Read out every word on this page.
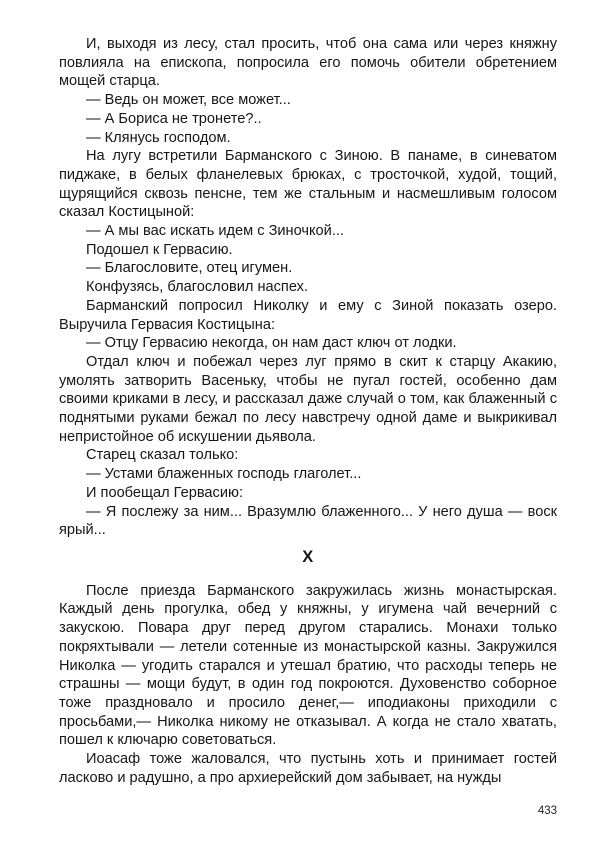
И, выходя из лесу, стал просить, чтоб она сама или через княжну повлияла на епископа, попросила его помочь обители обретением мощей старца.

— Ведь он может, все может...

— А Бориса не тронете?..

— Клянусь господом.

На лугу встретили Барманского с Зиною. В панаме, в синеватом пиджаке, в белых фланелевых брюках, с тросточкой, худой, тощий, щурящийся сквозь пенсне, тем же стальным и насмешливым голосом сказал Костицыной:

— А мы вас искать идем с Зиночкой...

Подошел к Гервасию.

— Благословите, отец игумен.

Конфузясь, благословил наспех.

Барманский попросил Николку и ему с Зиной показать озеро. Выручила Гервасия Костицына:

— Отцу Гервасию некогда, он нам даст ключ от лодки.

Отдал ключ и побежал через луг прямо в скит к старцу Акакию, умолять затворить Васеньку, чтобы не пугал гостей, особенно дам своими криками в лесу, и рассказал даже случай о том, как блаженный с поднятыми руками бежал по лесу навстречу одной даме и выкрикивал непристойное об искушении дьявола.

Старец сказал только:

— Устами блаженных господь глаголет...

И пообещал Гервасию:

— Я послежу за ним... Вразумлю блаженного... У него душа — воск ярый...

X

После приезда Барманского закружилась жизнь монастырская. Каждый день прогулка, обед у княжны, у игумена чай вечерний с закускою. Повара друг перед другом старались. Монахи только покряхтывали — летели сотенные из монастырской казны. Закружился Николка — угодить старался и утешал братию, что расходы теперь не страшны — мощи будут, в один год покроются. Духовенство соборное тоже праздновало и просило денег,— иподиаконы приходили с просьбами,— Николка никому не отказывал. А когда не стало хватать, пошел к ключарю советоваться.

Иоасаф тоже жаловался, что пустынь хоть и принимает гостей ласково и радушно, а про архиерейский дом забывает, на нужды

433
